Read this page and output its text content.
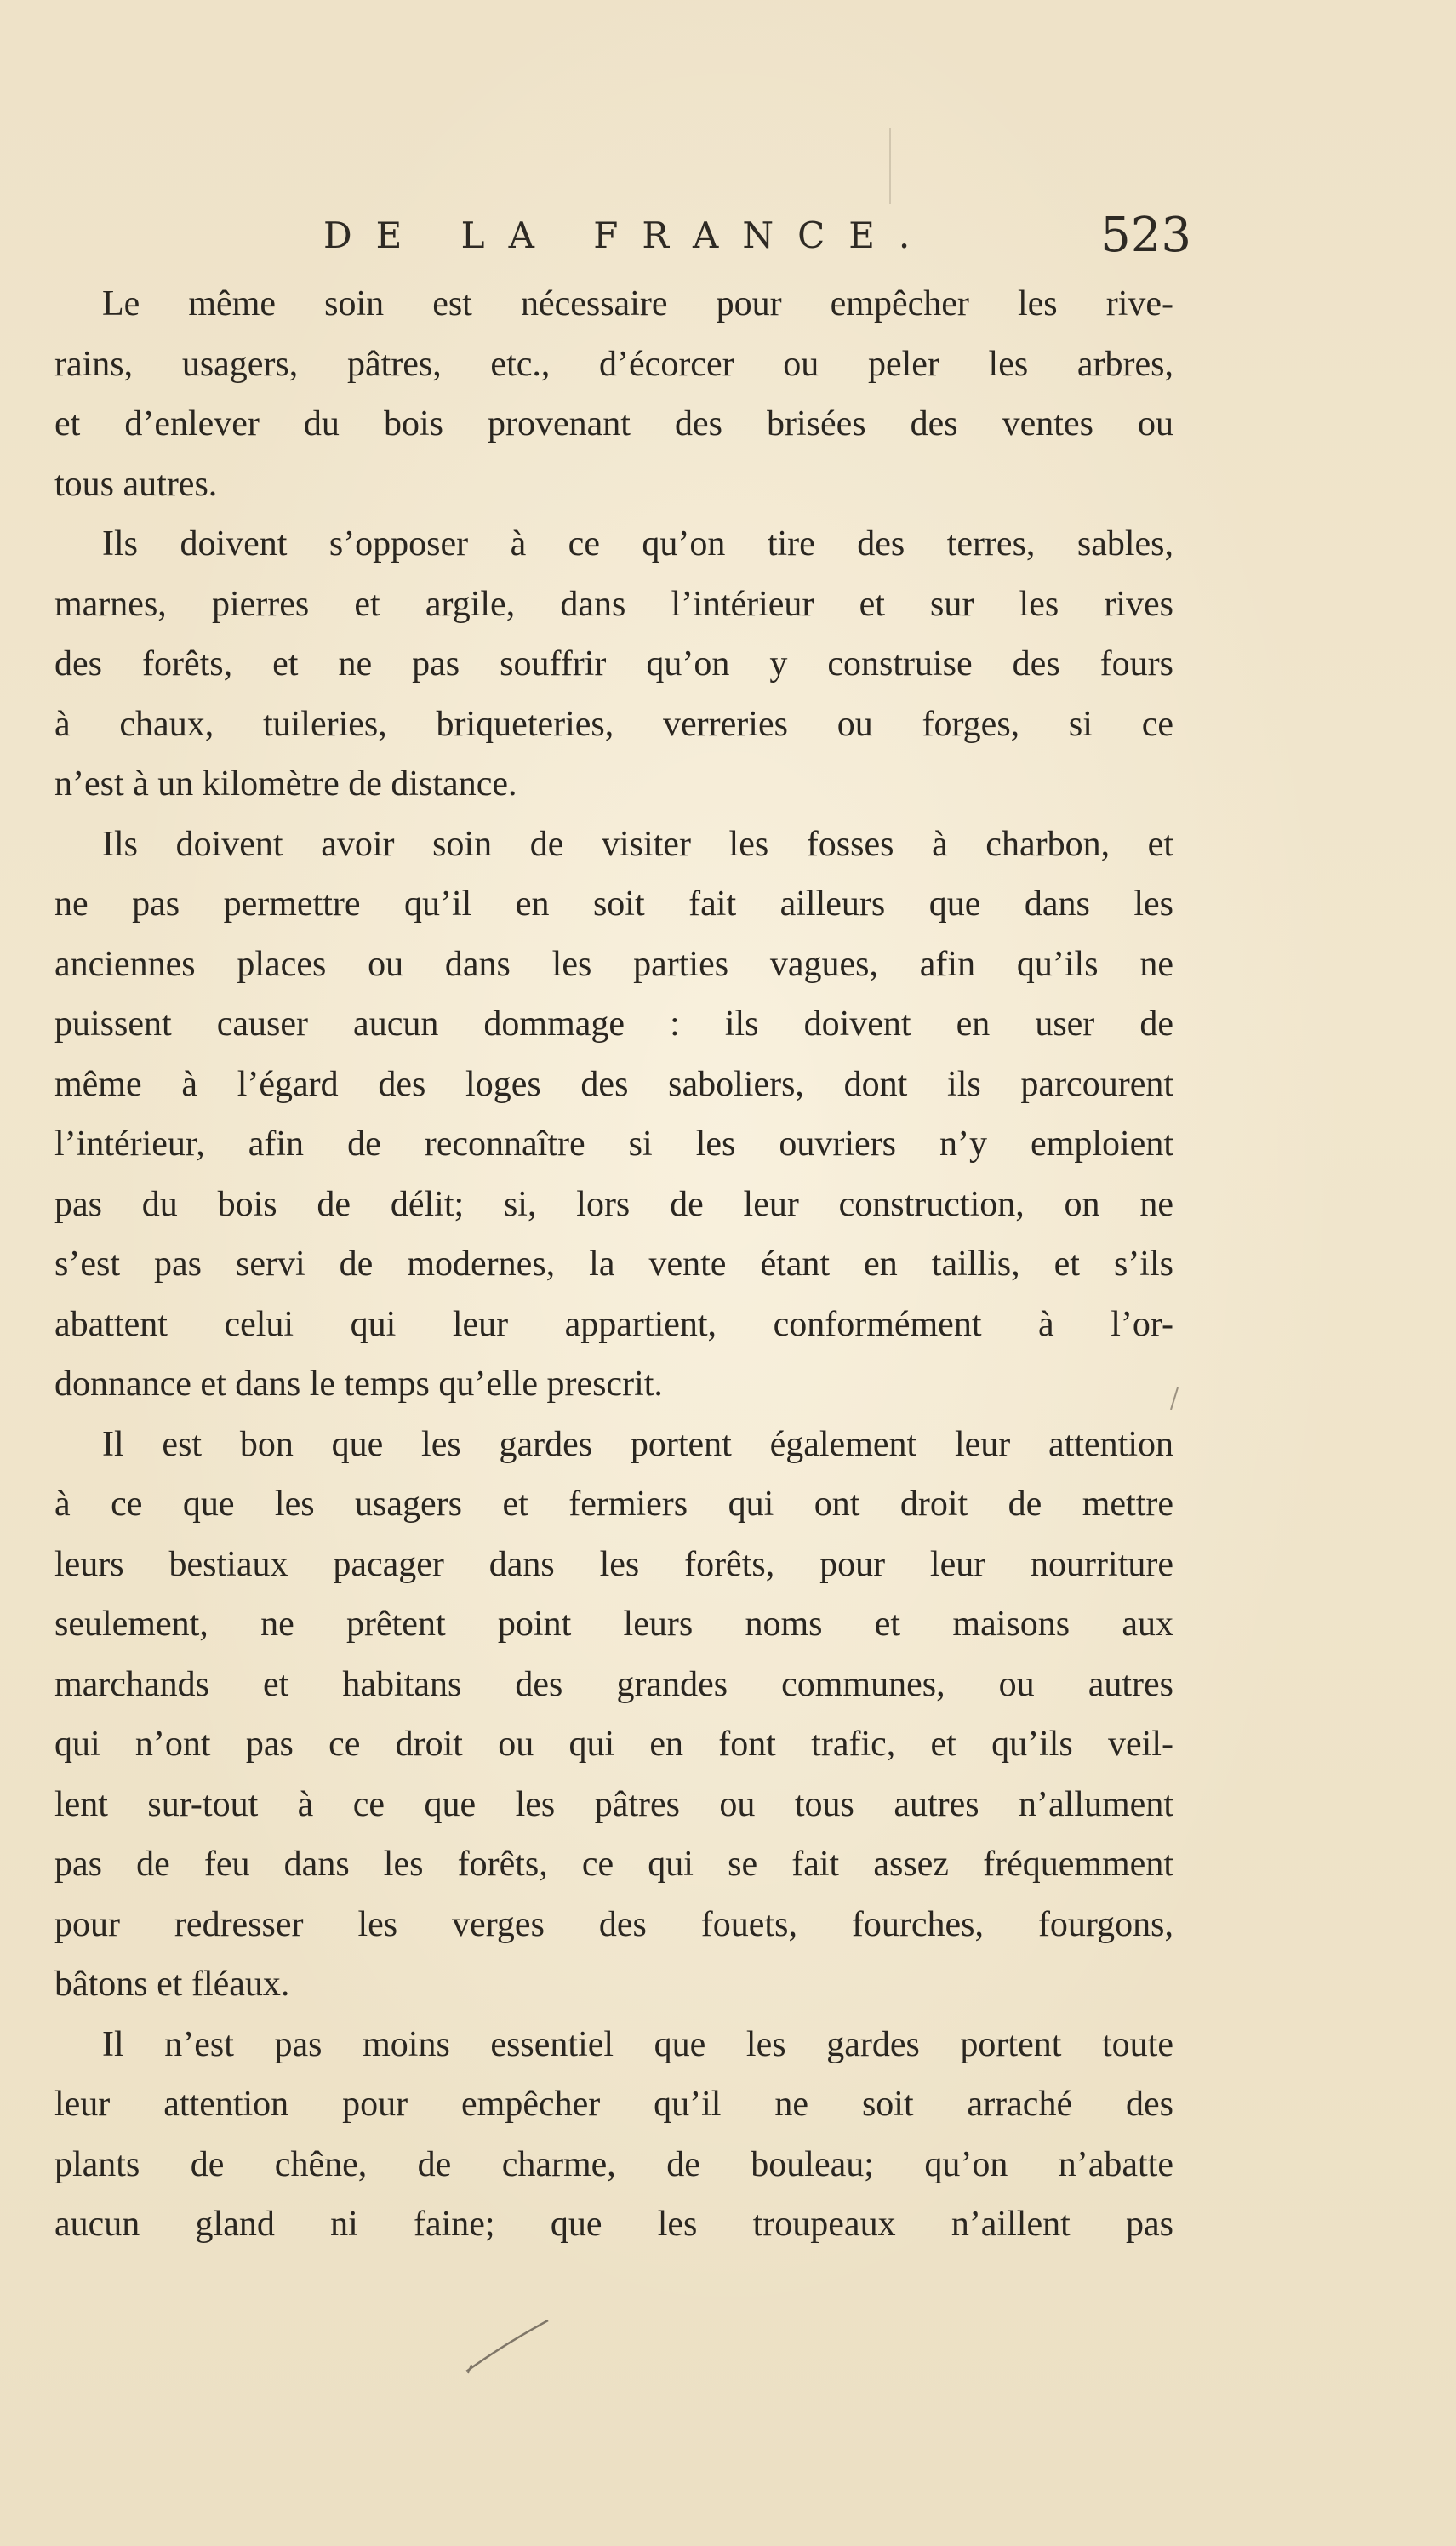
DE LA FRANCE.	523
Le même soin est nécessaire pour empêcher les rive-
rains, usagers, pâtres, etc., d’écorcer ou peler les arbres,
et d’enlever du bois provenant des brisées des ventes ou
tous autres.
Ils doivent s’opposer à ce qu’on tire des terres, sables,
marnes, pierres et argile, dans l’intérieur et sur les rives
des forêts, et ne pas souffrir qu’on y construise des fours
à chaux, tuileries, briqueteries, verreries ou forges, si ce
n’est à un kilomètre de distance.
Ils doivent avoir soin de visiter les fosses à charbon, et
ne pas permettre qu’il en soit fait ailleurs que dans les
anciennes places ou dans les parties vagues, afin qu’ils ne
puissent causer aucun dommage : ils doivent en user de
même à l’égard des loges des saboliers, dont ils parcourent
l’intérieur, afin de reconnaître si les ouvriers n’y emploient
pas du bois de délit; si, lors de leur construction, on ne
s’est pas servi de modernes, la vente étant en taillis, et s’ils
abattent celui qui leur appartient, conformément à l’or-
donnance et dans le temps qu’elle prescrit.
Il est bon que les gardes portent également leur attention
à ce que les usagers et fermiers qui ont droit de mettre
leurs bestiaux pacager dans les forêts, pour leur nourriture
seulement, ne prêtent point leurs noms et maisons aux
marchands et habitans des grandes communes, ou autres
qui n’ont pas ce droit ou qui en font trafic, et qu’ils veil-
lent sur-tout à ce que les pâtres ou tous autres n’allument
pas de feu dans les forêts, ce qui se fait assez fréquemment
pour redresser les verges des fouets, fourches, fourgons,
bâtons et fléaux.
Il n’est pas moins essentiel que les gardes portent toute
leur attention pour empêcher qu’il ne soit arraché des
plants de chêne, de charme, de bouleau; qu’on n’abatte
aucun gland ni faine; que les troupeaux n’aillent pas
